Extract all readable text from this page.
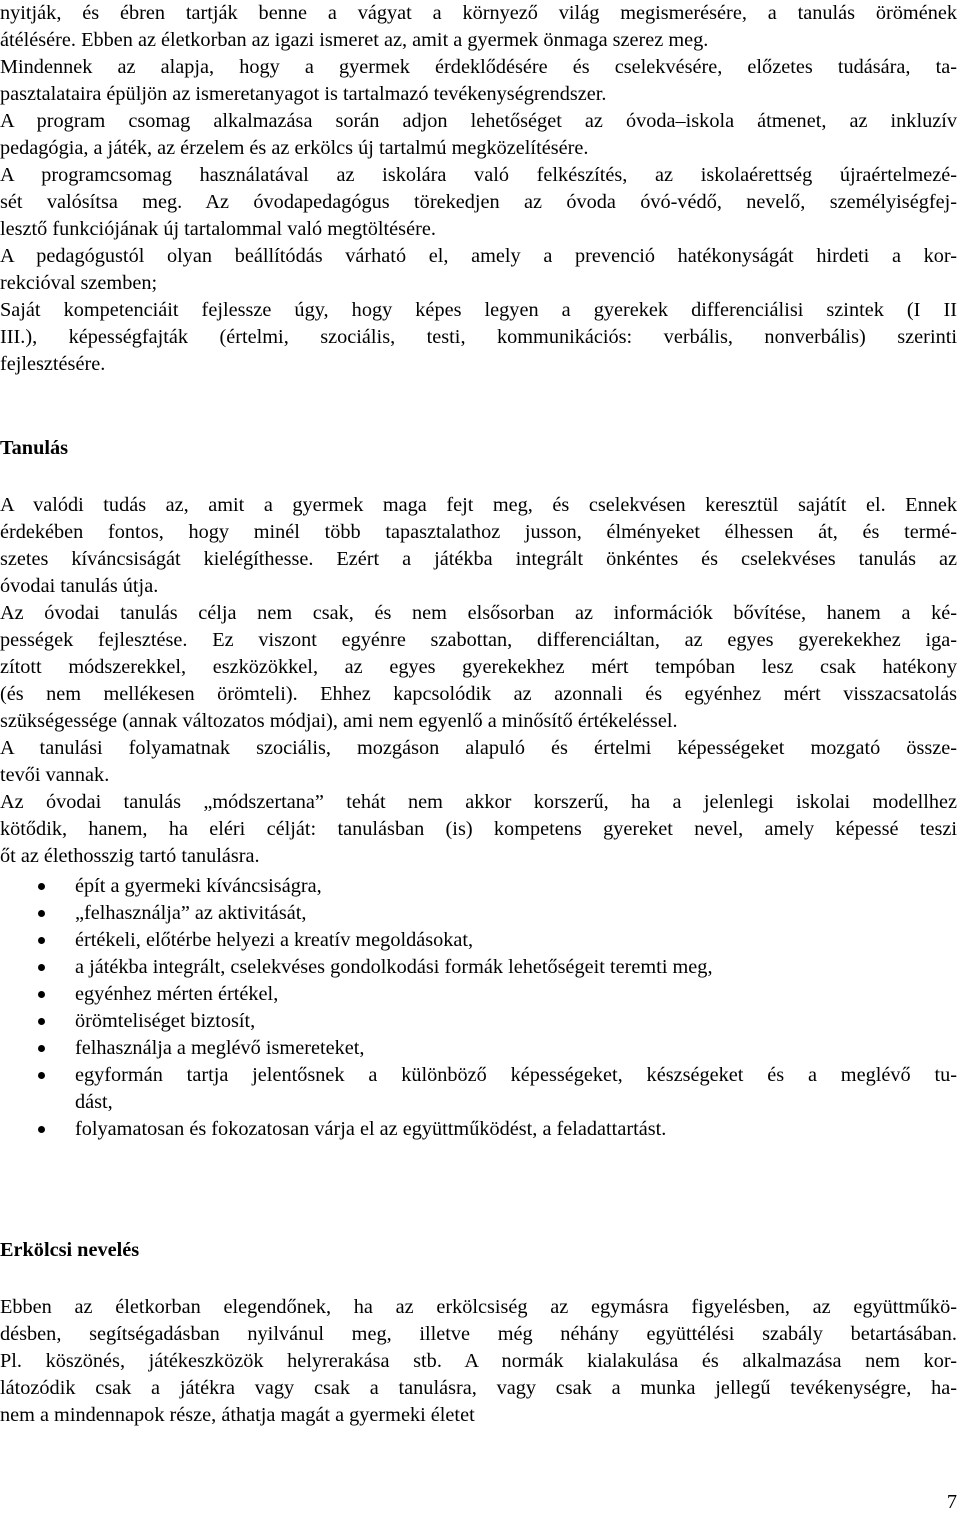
nyitják, és ébren tartják benne a vágyat a környező világ megismerésére, a tanulás örömének
átélésére. Ebben az életkorban az igazi ismeret az, amit a gyermek önmaga szerez meg.
Mindennek az alapja, hogy a gyermek érdeklődésére és cselekvésére, előzetes tudására, ta-
pasztalataira épüljön az ismeretanyagot is tartalmazó tevékenységrendszer.
A program csomag alkalmazása során adjon lehetőséget az óvoda–iskola átmenet, az inkluzív
pedagógia, a játék, az érzelem és az erkölcs új tartalmú megközelítésére.
A programcsomag használatával az iskolára való felkészítés, az iskolaérettség újraértelmezé-
sét valósítsa meg. Az óvodapedagógus törekedjen az óvoda óvó-védő, nevelő, személyiségfej-
lesztő funkciójának új tartalommal való megtöltésére.
A pedagógustól olyan beállítódás várható el, amely a prevenció hatékonyságát hirdeti a kor-
rekcióval szemben;
Saját kompetenciáit fejlessze úgy, hogy képes legyen a gyerekek differenciálisi szintek (I II
III.), képességfajták (értelmi, szociális, testi, kommunikációs: verbális, nonverbális) szerinti
fejlesztésére.
Tanulás
A valódi tudás az, amit a gyermek maga fejt meg, és cselekvésen keresztül sajátít el. Ennek
érdekében fontos, hogy minél több tapasztalathoz jusson, élményeket élhessen át, és termé-
szetes kíváncsiságát kielégíthesse. Ezért a játékba integrált önkéntes és cselekvéses tanulás az
óvodai tanulás útja.
Az óvodai tanulás célja nem csak, és nem elsősorban az információk bővítése, hanem a ké-
pességek fejlesztése. Ez viszont egyénre szabottan, differenciáltan, az egyes gyerekekhez iga-
zított módszerekkel, eszközökkel, az egyes gyerekekhez mért tempóban lesz csak hatékony
(és nem mellékesen örömteli). Ehhez kapcsolódik az azonnali és egyénhez mért visszacsatolás
szükségessége (annak változatos módjai), ami nem egyenlő a minősítő értékeléssel.
A tanulási folyamatnak szociális, mozgáson alapuló és értelmi képességeket mozgató össze-
tevői vannak.
Az óvodai tanulás „módszertana” tehát nem akkor korszerű, ha a jelenlegi iskolai modellhez
kötődik, hanem, ha eléri célját: tanulásban (is) kompetens gyereket nevel, amely képessé teszi
őt az élethosszig tartó tanulásra.
épít a gyermeki kíváncsiságra,
„felhasználja” az aktivitását,
értékeli, előtérbe helyezi a kreatív megoldásokat,
a játékba integrált, cselekvéses gondolkodási formák lehetőségeit teremti meg,
egyénhez mérten értékel,
örömteliséget biztosít,
felhasználja a meglévő ismereteket,
egyformán tartja jelentősnek a különböző képességeket, készségeket és a meglévő tu-
dást,
folyamatosan és fokozatosan várja el az együttműködést, a feladattartást.
Erkölcsi nevelés
Ebben az életkorban elegendőnek, ha az erkölcsiség az egymásra figyelésben, az együttműkö-
désben, segítségadásban nyilvánul meg, illetve még néhány együttélési szabály betartásában.
Pl. köszönés, játékeszközök helyrerakása stb. A normák kialakulása és alkalmazása nem kor-
látozódik csak a játékra vagy csak a tanulásra, vagy csak a munka jellegű tevékenységre, ha-
nem a mindennapok része, áthatja magát a gyermeki életet
7
